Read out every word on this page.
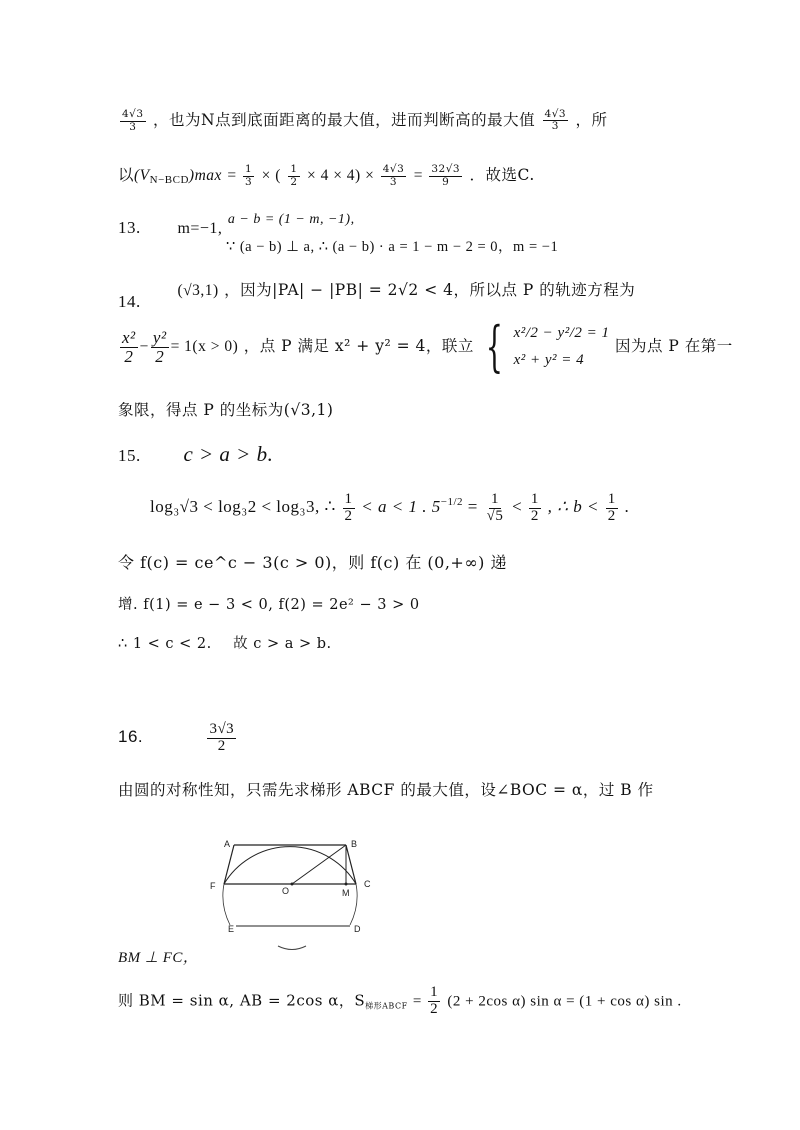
$\frac{4√3}{3}$ ，也为N点到底面距离的最大值，进而判断高的最大值 $\frac{4√3}{3}$ ，所
以$(V_{N-BCD})\max = \frac{1}{3}$ × ( $\frac{1}{2} \times 4 \times 4) \times \frac{4√3}{3} = \frac{32√3}{9}$ ．故选C.
13. m=−1, a − b = (1 − m, −1),
∵ (a − b) ⊥ a, ∴ (a − b) · a = 1 − m − 2 = 0，m = −1
14. (√3,1) ，因为|PA| − |PB| = 2√2 < 4，所以点 P 的轨迹方程为
$\frac{\text{x²}}{2} - \frac{\text{y²}}{2} = 1(x > 0)$ ，点 P 满足 x² + y² = 4，联立 { x²/2 − y²/2 = 1
x² + y² = 4
因为点 P 在第一
象限，得点 P 的坐标为(√3,1)
15. c > a > b.
log₃√3 < log₃2 < log₃3, ∴ $\frac{1}{2} < a < 1$ . $5^{-1/2} = \frac{1}{√5} < \frac{1}{2}$ , ∴ $b < \frac{1}{2}$ .
令 f(c) = ce^c − 3(c > 0)，则 f(c) 在 (0,+∞) 递
增. f(1) = e − 3 < 0, f(2) = 2e² − 3 > 0
∴ 1 < c < 2. 故 c > a > b.
16.	$\frac{3√3}{2}$
由圆的对称性知，只需先求梯形 ABCF 的最大值，设∠BOC = α，过 B 作
A	B
F	O	M
C
E	D
BM ⊥ FC，
则 BM = sin α, AB = 2cos α，$S_{梯形ABCF} = \frac{1}{2} (2 + 2\cos$ α) sin α = (1 + cos α) sin .
